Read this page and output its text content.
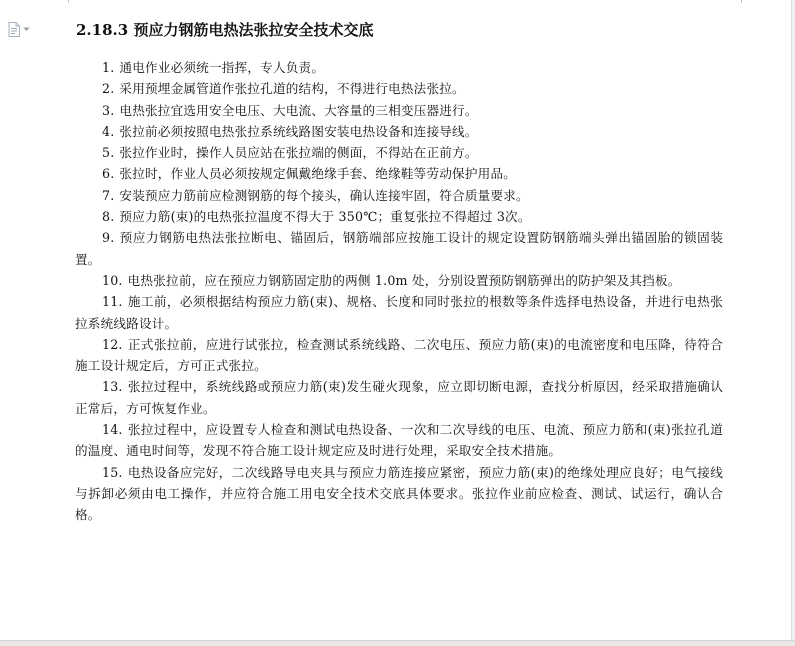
2.18.3 预应力钢筋电热法张拉安全技术交底

1. 通电作业必须统一指挥，专人负责。

2. 采用预埋金属管道作张拉孔道的结构，不得进行电热法张拉。

3. 电热张拉宜选用安全电压、大电流、大容量的三相变压器进行。

4. 张拉前必须按照电热张拉系统线路图安装电热设备和连接导线。

5. 张拉作业时，操作人员应站在张拉端的侧面，不得站在正前方。

6. 张拉时，作业人员必须按规定佩戴绝缘手套、绝缘鞋等劳动保护用品。

7. 安装预应力筋前应检测钢筋的每个接头，确认连接牢固，符合质量要求。

8. 预应力筋(束)的电热张拉温度不得大于 350℃；重复张拉不得超过 3次。

9. 预应力钢筋电热法张拉断电、锚固后，钢筋端部应按施工设计的规定设置防钢筋端头弹出锚固胎的锁固装置。

10. 电热张拉前，应在预应力钢筋固定肋的两侧 1.0m 处，分别设置预防钢筋弹出的防护架及其挡板。

11. 施工前，必须根据结构预应力筋(束)、规格、长度和同时张拉的根数等条件选择电热设备，并进行电热张拉系统线路设计。

12. 正式张拉前，应进行试张拉，检查测试系统线路、二次电压、预应力筋(束)的电流密度和电压降，待符合施工设计规定后，方可正式张拉。

13. 张拉过程中，系统线路或预应力筋(束)发生碰火现象，应立即切断电源，查找分析原因，经采取措施确认正常后，方可恢复作业。

14. 张拉过程中，应设置专人检查和测试电热设备、一次和二次导线的电压、电流、预应力筋和(束)张拉孔道的温度、通电时间等，发现不符合施工设计规定应及时进行处理，采取安全技术措施。

15. 电热设备应完好，二次线路导电夹具与预应力筋连接应紧密，预应力筋(束)的绝缘处理应良好；电气接线与拆卸必须由电工操作，并应符合施工用电安全技术交底具体要求。张拉作业前应检查、测试、试运行，确认合格。
